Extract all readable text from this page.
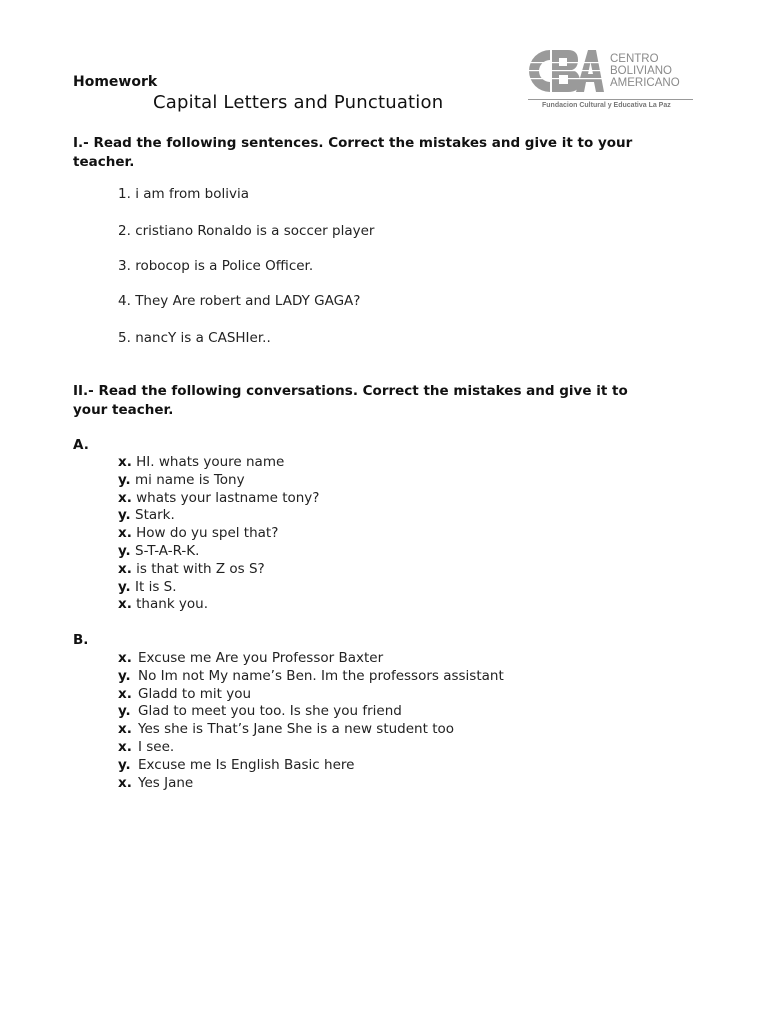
Homework
Capital Letters and Punctuation
CENTRO
BOLIVIANO
AMERICANO
Fundacion Cultural y Educativa La Paz
I.- Read the following sentences. Correct the mistakes and give it to your teacher.
1. i am from bolivia
2. cristiano Ronaldo is a soccer player
3. robocop is a Police Officer.
4. They Are robert and LADY GAGA?
5. nancY is a CASHIer..
II.- Read the following conversations. Correct the mistakes and give it to your teacher.
A.
x. HI. whats youre name
y. mi name is Tony
x. whats your lastname tony?
y. Stark.
x. How do yu spel that?
y. S-T-A-R-K.
x. is that with Z os S?
y. It is S.
x. thank you.
B.
x. Excuse me Are you Professor Baxter
y. No Im not My name’s Ben. Im the professors assistant
x. Gladd to mit you
y. Glad to meet you too. Is she you friend
x. Yes she is That’s Jane She is a new student too
x. I see.
y. Excuse me Is English Basic here
x. Yes Jane
